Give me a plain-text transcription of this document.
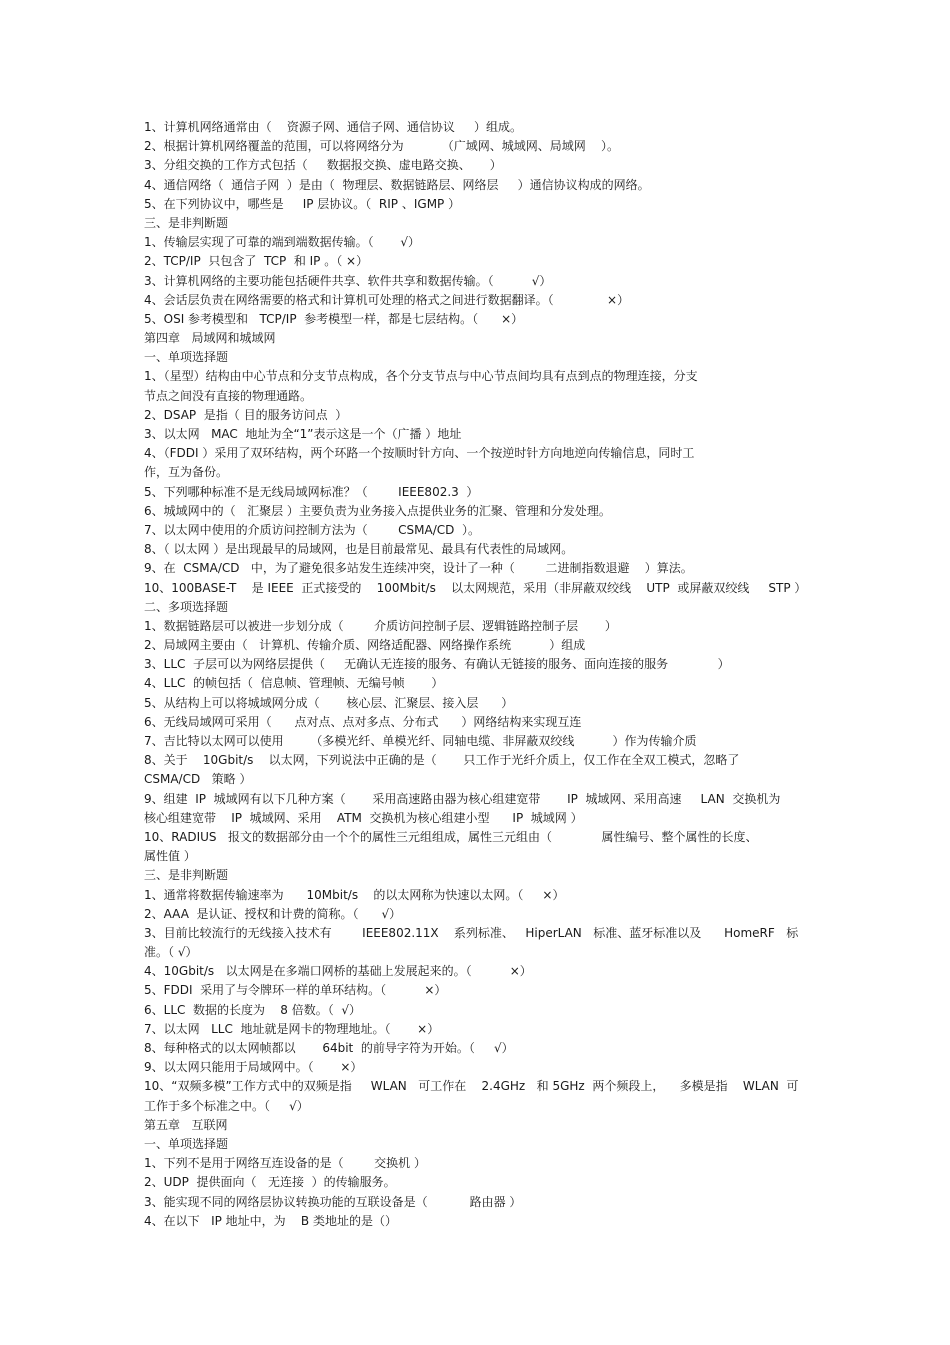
1、计算机网络通常由（    资源子网、通信子网、通信协议     ）组成。
2、根据计算机网络覆盖的范围，可以将网络分为          （广域网、城域网、局域网    ）。
3、分组交换的工作方式包括（     数据报交换、虚电路交换、     ）
4、通信网络（  通信子网  ）是由（  物理层、数据链路层、网络层     ）通信协议构成的网络。
5、在下列协议中，哪些是     IP 层协议。（  RIP 、IGMP ）
三、是非判断题
1、传输层实现了可靠的端到端数据传输。（       √）
2、TCP/IP  只包含了  TCP  和 IP 。（ ×）
3、计算机网络的主要功能包括硬件共享、软件共享和数据传输。（          √）
4、会话层负责在网络需要的格式和计算机可处理的格式之间进行数据翻译。（              ×）
5、OSI 参考模型和   TCP/IP  参考模型一样，都是七层结构。（      ×）
第四章   局域网和城域网
一、单项选择题
1、（星型）结构由中心节点和分支节点构成，各个分支节点与中心节点间均具有点到点的物理连接，分支
节点之间没有直接的物理通路。
2、DSAP  是指（ 目的服务访问点  ）
3、以太网   MAC  地址为全“1”表示这是一个（广播 ）地址
4、（FDDI ）采用了双环结构，两个环路一个按顺时针方向、一个按逆时针方向地逆向传输信息，同时工
作，互为备份。
5、下列哪种标准不是无线局域网标准？（        IEEE802.3  ）
6、城域网中的（   汇聚层 ）主要负责为业务接入点提供业务的汇聚、管理和分发处理。
7、以太网中使用的介质访问控制方法为（        CSMA/CD  ）。
8、（ 以太网 ）是出现最早的局域网，也是目前最常见、最具有代表性的局域网。
9、在  CSMA/CD   中，为了避免很多站发生连续冲突，设计了一种（        二进制指数退避    ）算法。
10、100BASE-T    是 IEEE  正式接受的    100Mbit/s    以太网规范，采用（非屏蔽双绞线    UTP  或屏蔽双绞线     STP ）
二、多项选择题
1、数据链路层可以被进一步划分成（        介质访问控制子层、逻辑链路控制子层       ）
2、局域网主要由（   计算机、传输介质、网络适配器、网络操作系统          ）组成
3、LLC  子层可以为网络层提供（     无确认无连接的服务、有确认无链接的服务、面向连接的服务             ）
4、LLC  的帧包括（  信息帧、管理帧、无编号帧       ）
5、从结构上可以将城域网分成（       核心层、汇聚层、接入层      ）
6、无线局域网可采用（      点对点、点对多点、分布式      ）网络结构来实现互连
7、吉比特以太网可以使用       （多模光纤、单模光纤、同轴电缆、非屏蔽双绞线          ）作为传输介质
8、关于    10Gbit/s    以太网，下列说法中正确的是（       只工作于光纤介质上，仅工作在全双工模式，忽略了
CSMA/CD   策略 ）
9、组建  IP  城域网有以下几种方案（       采用高速路由器为核心组建宽带       IP  城域网、采用高速     LAN  交换机为
核心组建宽带    IP  城域网、采用    ATM  交换机为核心组建小型      IP  城域网 ）
10、RADIUS   报文的数据部分由一个个的属性三元组组成，属性三元组由（             属性编号、整个属性的长度、
属性值 ）
三、是非判断题
1、通常将数据传输速率为      10Mbit/s    的以太网称为快速以太网。（     ×）
2、AAA  是认证、授权和计费的简称。（      √）
3、目前比较流行的无线接入技术有        IEEE802.11X    系列标准、   HiperLAN   标准、蓝牙标准以及      HomeRF   标
准。（ √）
4、10Gbit/s   以太网是在多端口网桥的基础上发展起来的。（          ×）
5、FDDI  采用了与令牌环一样的单环结构。（          ×）
6、LLC  数据的长度为    8 倍数。（  √）
7、以太网   LLC  地址就是网卡的物理地址。（       ×）
8、每种格式的以太网帧都以       64bit  的前导字符为开始。（     √）
9、以太网只能用于局域网中。（       ×）
10、“双频多模”工作方式中的双频是指     WLAN   可工作在    2.4GHz   和 5GHz  两个频段上，    多模是指    WLAN  可
工作于多个标准之中。（     √）
第五章   互联网
一、单项选择题
1、下列不是用于网络互连设备的是（        交换机 ）
2、UDP  提供面向（   无连接  ）的传输服务。
3、能实现不同的网络层协议转换功能的互联设备是（           路由器 ）
4、在以下   IP 地址中，为    B 类地址的是（）
